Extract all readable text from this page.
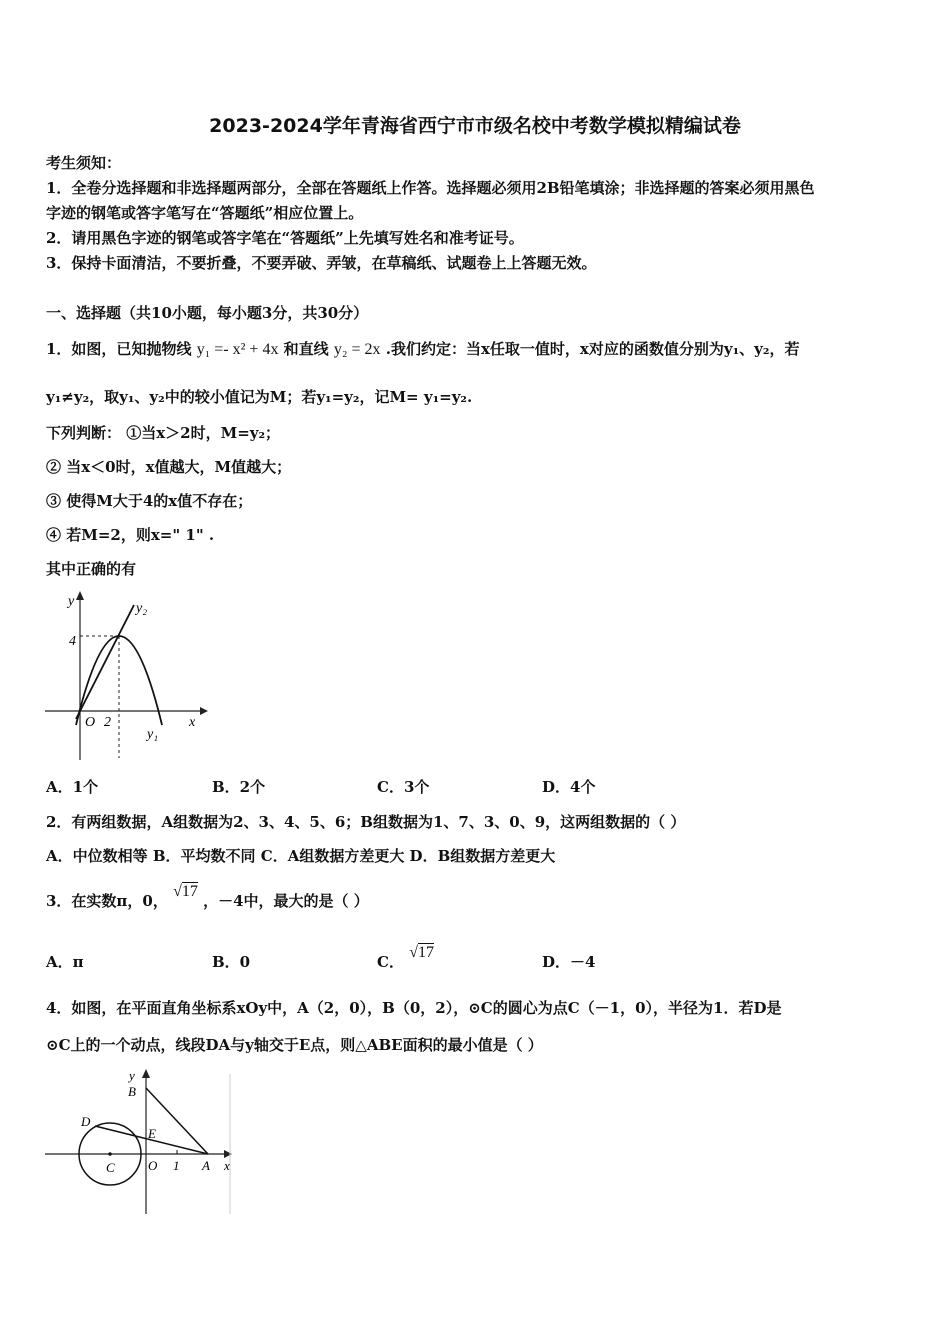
2023-2024学年青海省西宁市市级名校中考数学模拟精编试卷
考生须知：
1．全卷分选择题和非选择题两部分，全部在答题纸上作答。选择题必须用2B铅笔填涂；非选择题的答案必须用黑色
字迹的钢笔或答字笔写在“答题纸”相应位置上。
2．请用黑色字迹的钢笔或答字笔在“答题纸”上先填写姓名和准考证号。
3．保持卡面清洁，不要折叠，不要弄破、弄皱，在草稿纸、试题卷上上答题无效。
一、选择题（共10小题，每小题3分，共30分）
1．如图，已知抛物线 y₁ =- x² + 4x 和直线 y₂ = 2x .我们约定：当x任取一值时，x对应的函数值分别为y₁、y₂，若
y₁≠y₂，取y₁、y₂中的较小值记为M；若y₁=y₂，记M= y₁=y₂.
下列判断： ①当x＞2时，M=y₂；
② 当x＜0时，x值越大，M值越大；
③ 使得M大于4的x值不存在；
④ 若M=2，则x=" 1" .
其中正确的有
y	y₂
4
O 2	x
y₁
A．1个	B．2个	C．3个	D．4个
2．有两组数据，A组数据为2、3、4、5、6；B组数据为1、7、3、0、9，这两组数据的（ ）
A．中位数相等 B．平均数不同 C．A组数据方差更大 D．B组数据方差更大
3．在实数π，0， √17 ，－4中，最大的是（ ）
A．π	B．0	C． √17
D．－4
4．如图，在平面直角坐标系xOy中，A（2，0），B（0，2），⊙C的圆心为点C（－1，0），半径为1．若D是
⊙C上的一个动点，线段DA与y轴交于E点，则△ABE面积的最小值是（ ）
y
B
D
E
C	O 1 A x
